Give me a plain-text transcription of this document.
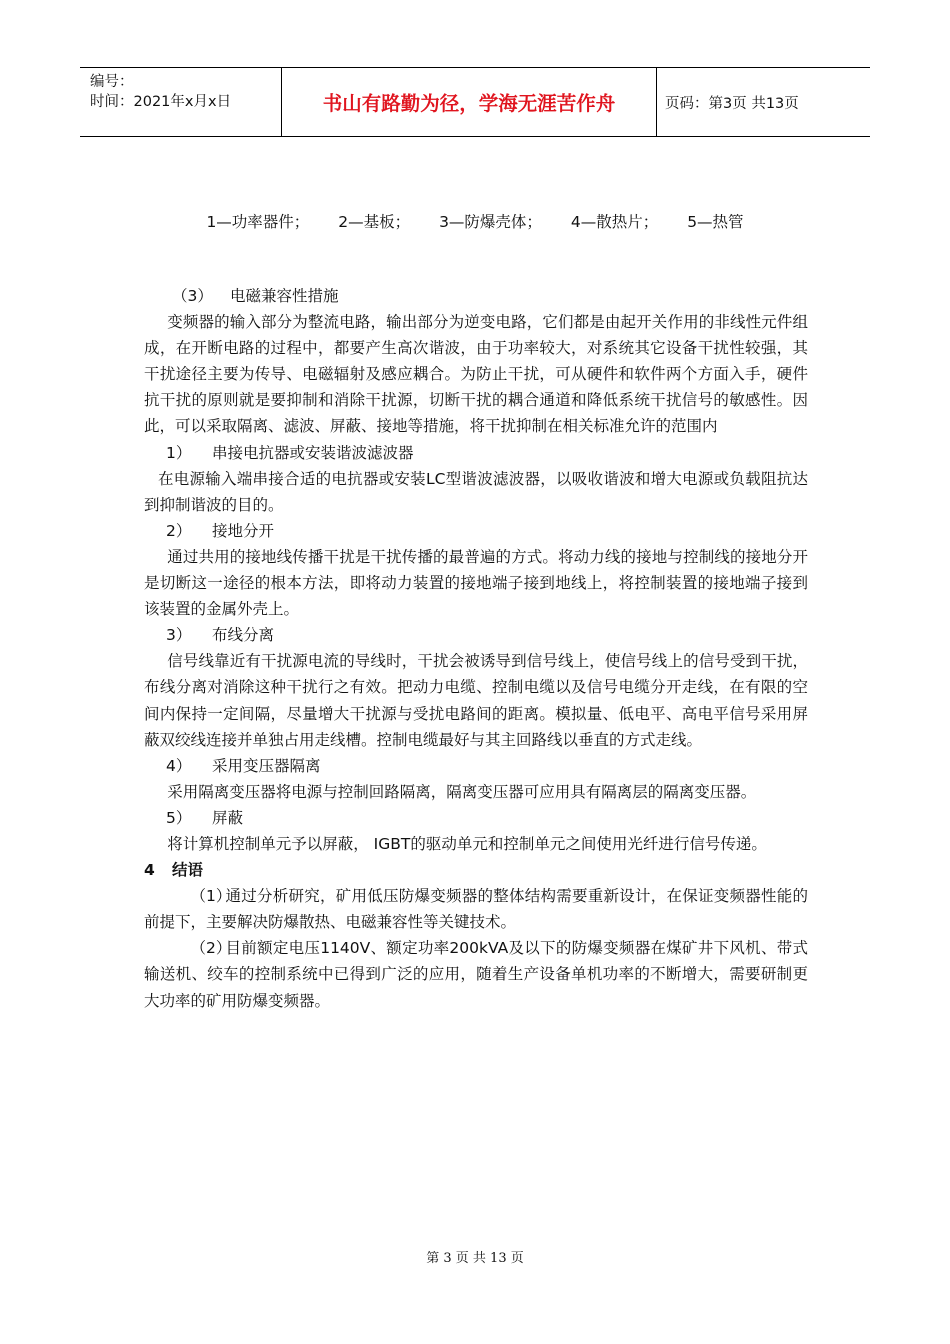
编号：
时间：2021年x月x日	书山有路勤为径，学海无涯苦作舟	页码：第3页 共13页
1—功率器件； 2—基板； 3—防爆壳体； 4—散热片； 5—热管

（3） 电磁兼容性措施

变频器的输入部分为整流电路，输出部分为逆变电路，它们都是由起开关作用的非线性元件组成，在开断电路的过程中，都要产生高次谐波，由于功率较大，对系统其它设备干扰性较强，其干扰途径主要为传导、电磁辐射及感应耦合。为防止干扰，可从硬件和软件两个方面入手，硬件抗干扰的原则就是要抑制和消除干扰源，切断干扰的耦合通道和降低系统干扰信号的敏感性。因此，可以采取隔离、滤波、屏蔽、接地等措施，将干扰抑制在相关标准允许的范围内

1） 串接电抗器或安装谐波滤波器

在电源输入端串接合适的电抗器或安装LC型谐波滤波器，以吸收谐波和增大电源或负载阻抗达到抑制谐波的目的。

2） 接地分开

通过共用的接地线传播干扰是干扰传播的最普遍的方式。将动力线的接地与控制线的接地分开是切断这一途径的根本方法，即将动力装置的接地端子接到地线上，将控制装置的接地端子接到该装置的金属外壳上。

3） 布线分离

信号线靠近有干扰源电流的导线时，干扰会被诱导到信号线上，使信号线上的信号受到干扰，布线分离对消除这种干扰行之有效。把动力电缆、控制电缆以及信号电缆分开走线，在有限的空间内保持一定间隔，尽量增大干扰源与受扰电路间的距离。模拟量、低电平、高电平信号采用屏蔽双绞线连接并单独占用走线槽。控制电缆最好与其主回路线以垂直的方式走线。

4） 采用变压器隔离

采用隔离变压器将电源与控制回路隔离，隔离变压器可应用具有隔离层的隔离变压器。

5） 屏蔽

将计算机控制单元予以屏蔽， IGBT的驱动单元和控制单元之间使用光纤进行信号传递。

4 结语

（1）通过分析研究，矿用低压防爆变频器的整体结构需要重新设计，在保证变频器性能的前提下，主要解决防爆散热、电磁兼容性等关键技术。

（2）目前额定电压1140V、额定功率200kVA及以下的防爆变频器在煤矿井下风机、带式输送机、绞车的控制系统中已得到广泛的应用，随着生产设备单机功率的不断增大，需要研制更大功率的矿用防爆变频器。

第 3 页 共 13 页
